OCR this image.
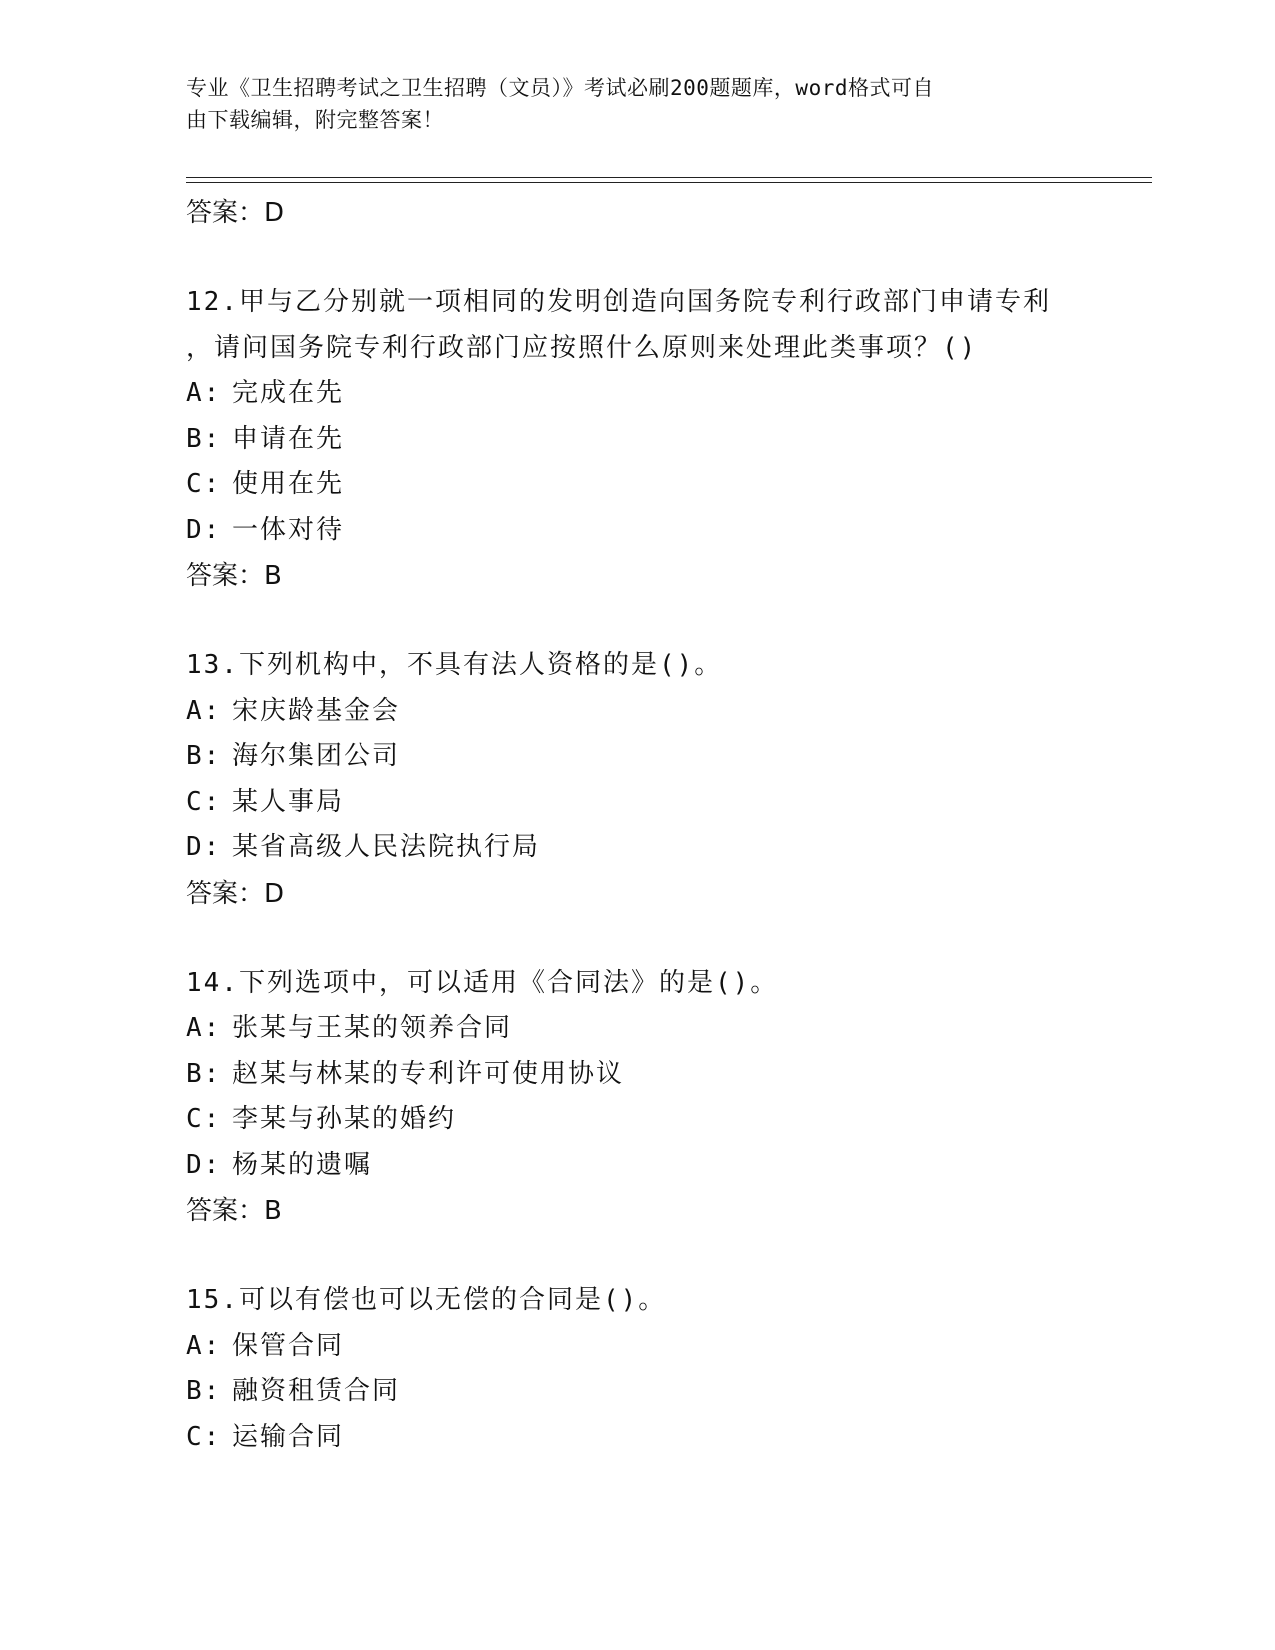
专业《卫生招聘考试之卫生招聘（文员）》考试必刷200题题库，word格式可自
由下载编辑，附完整答案！
答案：D
12.甲与乙分别就一项相同的发明创造向国务院专利行政部门申请专利
，请问国务院专利行政部门应按照什么原则来处理此类事项？()
A: 完成在先
B: 申请在先
C: 使用在先
D: 一体对待
答案：B
13.下列机构中，不具有法人资格的是()。
A: 宋庆龄基金会
B: 海尔集团公司
C: 某人事局
D: 某省高级人民法院执行局
答案：D
14.下列选项中，可以适用《合同法》的是()。
A: 张某与王某的领养合同
B: 赵某与林某的专利许可使用协议
C: 李某与孙某的婚约
D: 杨某的遗嘱
答案：B
15.可以有偿也可以无偿的合同是()。
A: 保管合同
B: 融资租赁合同
C: 运输合同
